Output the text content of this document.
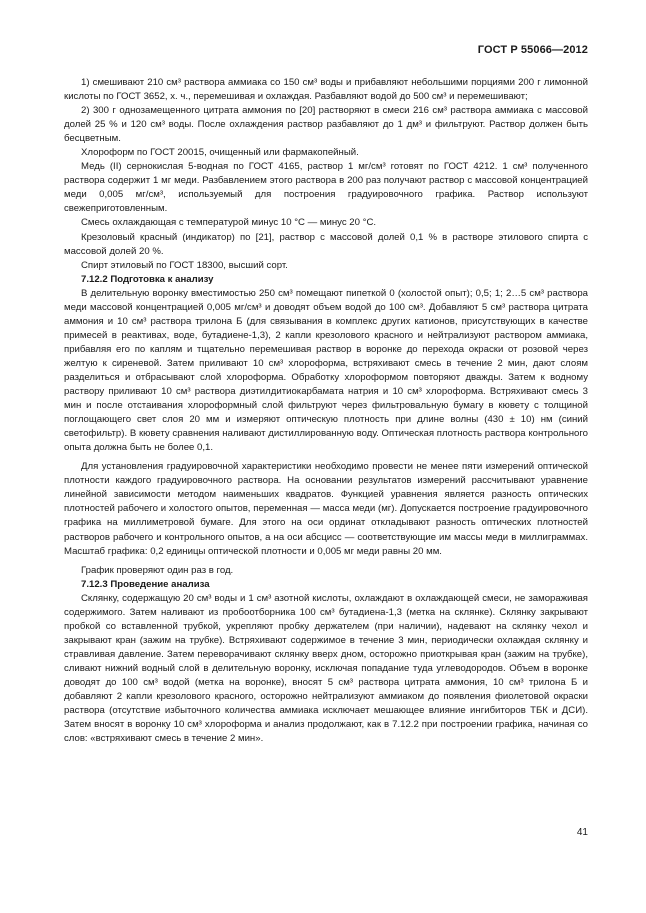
ГОСТ Р 55066—2012

1) смешивают 210 см³ раствора аммиака со 150 см³ воды и прибавляют небольшими порциями 200 г лимонной кислоты по ГОСТ 3652, х. ч., перемешивая и охлаждая. Разбавляют водой до 500 см³ и перемешивают;

2) 300 г однозамещенного цитрата аммония по [20] растворяют в смеси 216 см³ раствора аммиака с массовой долей 25 % и 120 см³ воды. После охлаждения раствор разбавляют до 1 дм³ и фильтруют. Раствор должен быть бесцветным.

Хлороформ по ГОСТ 20015, очищенный или фармакопейный.

Медь (II) сернокислая 5-водная по ГОСТ 4165, раствор 1 мг/см³ готовят по ГОСТ 4212. 1 см³ полученного раствора содержит 1 мг меди. Разбавлением этого раствора в 200 раз получают раствор с массовой концентрацией меди 0,005 мг/см³, используемый для построения градуировочного графика. Раствор используют свежеприготовленным.

Смесь охлаждающая с температурой минус 10 °С — минус 20 °С.

Крезоловый красный (индикатор) по [21], раствор с массовой долей 0,1 % в растворе этилового спирта с массовой долей 20 %.

Спирт этиловый по ГОСТ 18300, высший сорт.

7.12.2 Подготовка к анализу

В делительную воронку вместимостью 250 см³ помещают пипеткой 0 (холостой опыт); 0,5; 1; 2…5 см³ раствора меди массовой концентрацией 0,005 мг/см³ и доводят объем водой до 100 см³. Добавляют 5 см³ раствора цитрата аммония и 10 см³ раствора трилона Б (для связывания в комплекс других катионов, присутствующих в качестве примесей в реактивах, воде, бутадиене-1,3), 2 капли крезолового красного и нейтрализуют раствором аммиака, прибавляя его по каплям и тщательно перемешивая раствор в воронке до перехода окраски от розовой через желтую к сиреневой. Затем приливают 10 см³ хлороформа, встряхивают смесь в течение 2 мин, дают слоям разделиться и отбрасывают слой хлороформа. Обработку хлороформом повторяют дважды. Затем к водному раствору приливают 10 см³ раствора диэтилдитиокарбамата натрия и 10 см³ хлороформа. Встряхивают смесь 3 мин и после отстаивания хлороформный слой фильтруют через фильтровальную бумагу в кювету с толщиной поглощающего свет слоя 20 мм и измеряют оптическую плотность при длине волны (430 ± 10) нм (синий светофильтр). В кювету сравнения наливают дистиллированную воду. Оптическая плотность раствора контрольного опыта должна быть не более 0,1.

Для установления градуировочной характеристики необходимо провести не менее пяти измерений оптической плотности каждого градуировочного раствора. На основании результатов измерений рассчитывают уравнение линейной зависимости методом наименьших квадратов. Функцией уравнения является разность оптических плотностей рабочего и холостого опытов, переменная — масса меди (мг). Допускается построение градуировочного графика на миллиметровой бумаге. Для этого на оси ординат откладывают разность оптических плотностей растворов рабочего и контрольного опытов, а на оси абсцисс — соответствующие им массы меди в миллиграммах. Масштаб графика: 0,2 единицы оптической плотности и 0,005 мг меди равны 20 мм.

График проверяют один раз в год.

7.12.3 Проведение анализа

Склянку, содержащую 20 см³ воды и 1 см³ азотной кислоты, охлаждают в охлаждающей смеси, не замораживая содержимого. Затем наливают из пробоотборника 100 см³ бутадиена-1,3 (метка на склянке). Склянку закрывают пробкой со вставленной трубкой, укрепляют пробку держателем (при наличии), надевают на склянку чехол и закрывают кран (зажим на трубке). Встряхивают содержимое в течение 3 мин, периодически охлаждая склянку и стравливая давление. Затем переворачивают склянку вверх дном, осторожно приоткрывая кран (зажим на трубке), сливают нижний водный слой в делительную воронку, исключая попадание туда углеводородов. Объем в воронке доводят до 100 см³ водой (метка на воронке), вносят 5 см³ раствора цитрата аммония, 10 см³ трилона Б и добавляют 2 капли крезолового красного, осторожно нейтрализуют аммиаком до появления фиолетовой окраски раствора (отсутствие избыточного количества аммиака исключает мешающее влияние ингибиторов ТБК и ДСИ). Затем вносят в воронку 10 см³ хлороформа и анализ продолжают, как в 7.12.2 при построении графика, начиная со слов: «встряхивают смесь в течение 2 мин».

41
